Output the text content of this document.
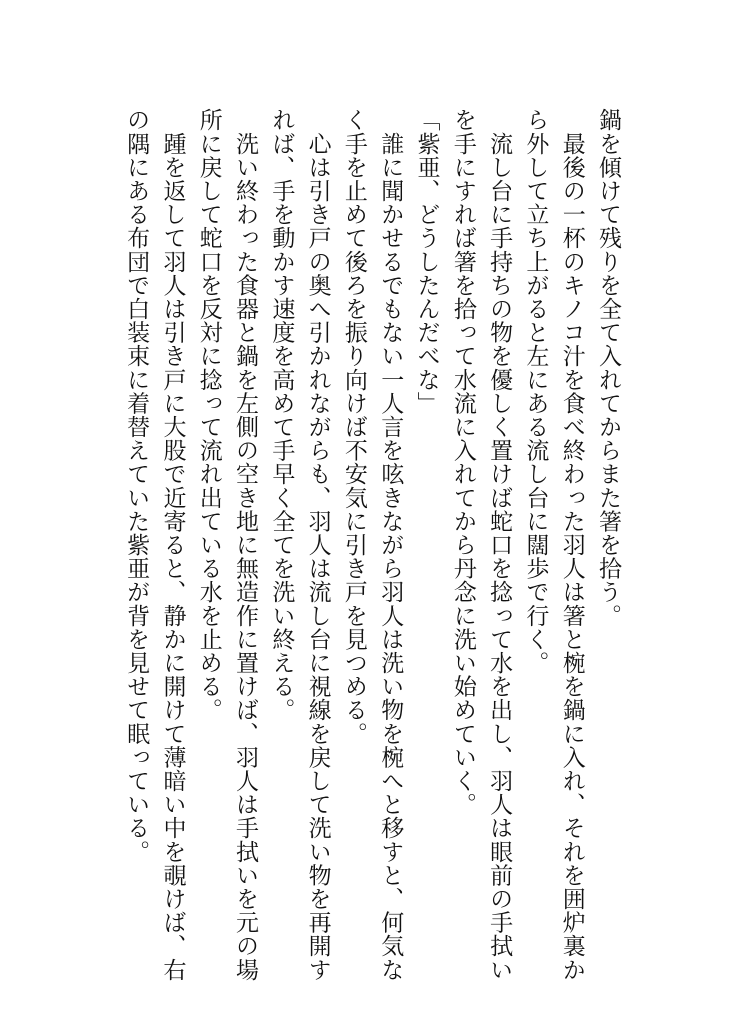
鍋を傾けて残りを全て入れてからまた箸を拾う。

　最後の一杯のキノコ汁を食べ終わった羽人は箸と椀を鍋に入れ、それを囲炉裏か

ら外して立ち上がると左にある流し台に闊歩で行く。

　流し台に手持ちの物を優しく置けば蛇口を捻って水を出し、羽人は眼前の手拭い

を手にすれば箸を拾って水流に入れてから丹念に洗い始めていく。

「紫亜、どうしたんだべな」

　誰に聞かせるでもない一人言を呟きながら羽人は洗い物を椀へと移すと、何気な

く手を止めて後ろを振り向けば不安気に引き戸を見つめる。

　心は引き戸の奥へ引かれながらも、羽人は流し台に視線を戻して洗い物を再開す

れば、手を動かす速度を高めて手早く全てを洗い終える。

　洗い終わった食器と鍋を左側の空き地に無造作に置けば、羽人は手拭いを元の場

所に戻して蛇口を反対に捻って流れ出ている水を止める。

　踵を返して羽人は引き戸に大股で近寄ると、静かに開けて薄暗い中を覗けば、右

の隅にある布団で白装束に着替えていた紫亜が背を見せて眠っている。
